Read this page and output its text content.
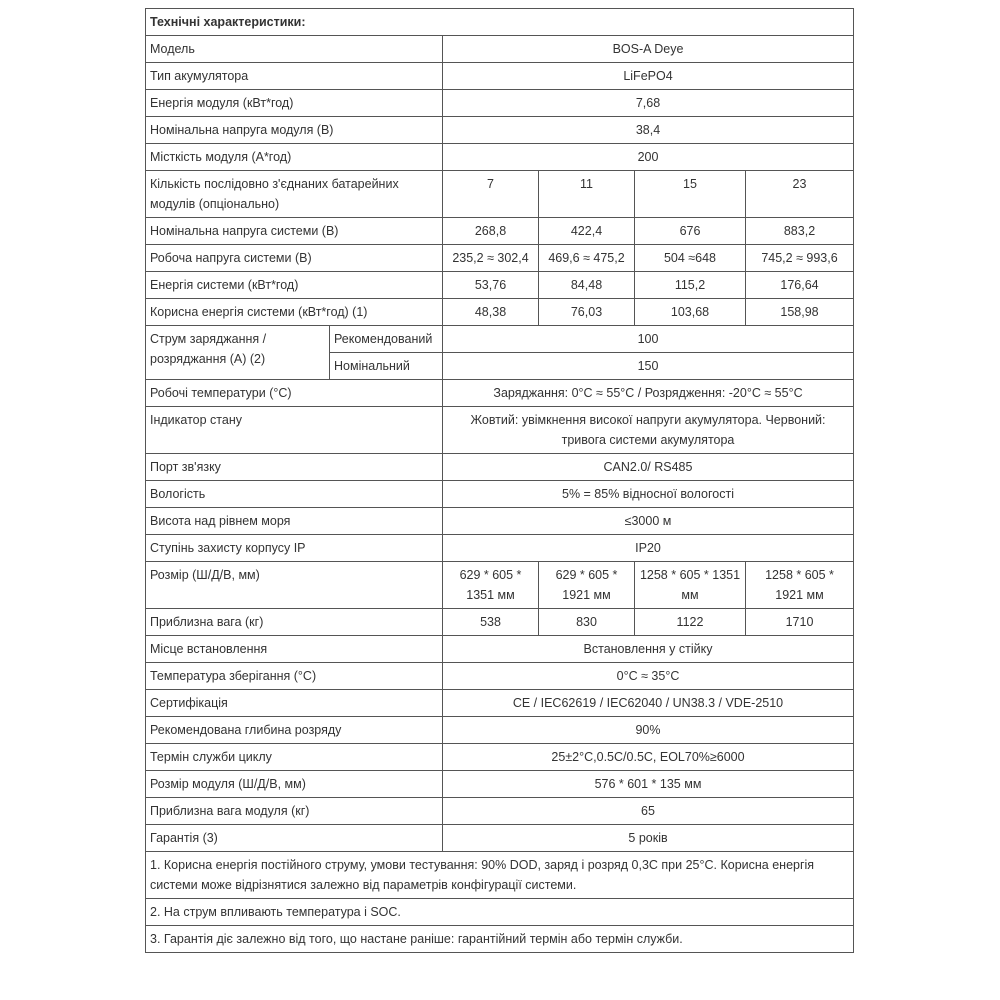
Технічні характеристики:					
Модель		BOS-A Deye			
Тип акумулятора		LiFePO4			
Енергія модуля (кВт*год)		7,68			
Номінальна напруга модуля (В)		38,4			
Місткість модуля (А*год)		200			
Кількість послідовно з'єднаних батарейних модулів (опціонально)		7	11	15	23
Номінальна напруга системи (В)		268,8	422,4	676	883,2
Робоча напруга системи (В)		235,2 ≈ 302,4	469,6 ≈ 475,2	504 ≈648	745,2 ≈ 993,6
Енергія системи (кВт*год)		53,76	84,48	115,2	176,64
Корисна енергія системи (кВт*год) (1)		48,38	76,03	103,68	158,98
Струм заряджання / розряджання (А) (2)	Рекомендований	100			
	Номінальний	150			
Робочі температури (°C)		Заряджання: 0°C ≈ 55°C / Розрядження: -20°C ≈ 55°C			
Індикатор стану		Жовтий: увімкнення високої напруги акумулятора. Червоний: тривога системи акумулятора			
Порт зв'язку		CAN2.0/ RS485			
Вологість		5% = 85% відносної вологості			
Висота над рівнем моря		≤3000 м			
Ступінь захисту корпусу IP		IP20			
Розмір (Ш/Д/В, мм)		629 * 605 * 1351 мм	629 * 605 * 1921 мм	1258 * 605 * 1351 мм	1258 * 605 * 1921 мм
Приблизна вага (кг)		538	830	1122	1710
Місце встановлення		Встановлення у стійку			
Температура зберігання (°C)		0°C ≈ 35°C			
Сертифікація		CE / IEC62619 / IEC62040 / UN38.3 / VDE-2510			
Рекомендована глибина розряду		90%			
Термін служби циклу		25±2°C,0.5C/0.5C, EOL70%≥6000			
Розмір модуля (Ш/Д/В, мм)		576 * 601 * 135 мм			
Приблизна вага модуля (кг)		65			
Гарантія (3)		5 років			
1. Корисна енергія постійного струму, умови тестування: 90% DOD, заряд і розряд 0,3C при 25°C. Корисна енергія системи може відрізнятися залежно від параметрів конфігурації системи.					
2. На струм впливають температура і SOC.					
3. Гарантія діє залежно від того, що настане раніше: гарантійний термін або термін служби.					
